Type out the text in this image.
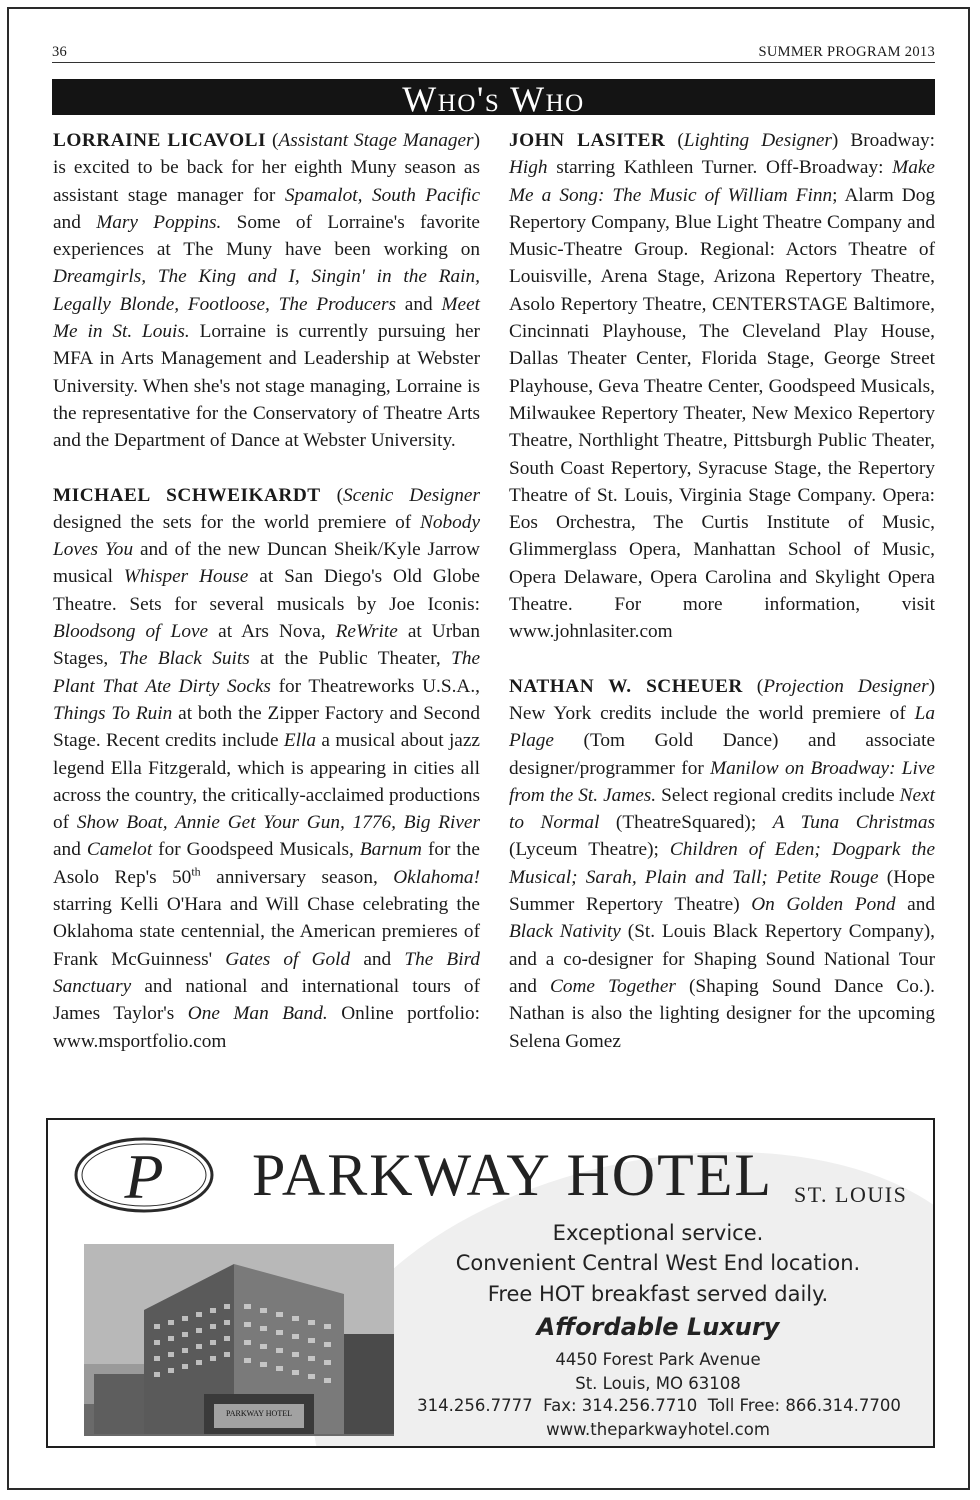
36	SUMMER PROGRAM 2013
Who's Who

LORRAINE LICAVOLI (Assistant Stage Manager) is excited to be back for her eighth Muny season as assistant stage manager for Spamalot, South Pacific and Mary Poppins. Some of Lorraine's favorite experiences at The Muny have been working on Dreamgirls, The King and I, Singin' in the Rain, Legally Blonde, Footloose, The Producers and Meet Me in St. Louis. Lorraine is currently pursuing her MFA in Arts Management and Leadership at Webster University. When she's not stage managing, Lorraine is the representative for the Conservatory of Theatre Arts and the Department of Dance at Webster University.

MICHAEL SCHWEIKARDT (Scenic Designer designed the sets for the world premiere of Nobody Loves You and of the new Duncan Sheik/Kyle Jarrow musical Whisper House at San Diego's Old Globe Theatre. Sets for several musicals by Joe Iconis: Bloodsong of Love at Ars Nova, ReWrite at Urban Stages, The Black Suits at the Public Theater, The Plant That Ate Dirty Socks for Theatreworks U.S.A., Things To Ruin at both the Zipper Factory and Second Stage. Recent credits include Ella a musical about jazz legend Ella Fitzgerald, which is appearing in cities all across the country, the critically-acclaimed productions of Show Boat, Annie Get Your Gun, 1776, Big River and Camelot for Goodspeed Musicals, Barnum for the Asolo Rep's 50th anniversary season, Oklahoma! starring Kelli O'Hara and Will Chase celebrating the Oklahoma state centennial, the American premieres of Frank McGuinness' Gates of Gold and The Bird Sanctuary and national and international tours of James Taylor's One Man Band. Online portfolio: www.msportfolio.com

JOHN LASITER (Lighting Designer) Broadway: High starring Kathleen Turner. Off-Broadway: Make Me a Song: The Music of William Finn; Alarm Dog Repertory Company, Blue Light Theatre Company and Music-Theatre Group. Regional: Actors Theatre of Louisville, Arena Stage, Arizona Repertory Theatre, Asolo Repertory Theatre, CENTERSTAGE Baltimore, Cincinnati Playhouse, The Cleveland Play House, Dallas Theater Center, Florida Stage, George Street Playhouse, Geva Theatre Center, Goodspeed Musicals, Milwaukee Repertory Theater, New Mexico Repertory Theatre, Northlight Theatre, Pittsburgh Public Theater, South Coast Repertory, Syracuse Stage, the Repertory Theatre of St. Louis, Virginia Stage Company. Opera: Eos Orchestra, The Curtis Institute of Music, Glimmerglass Opera, Manhattan School of Music, Opera Delaware, Opera Carolina and Skylight Opera Theatre. For more information, visit www.johnlasiter.com

NATHAN W. SCHEUER (Projection Designer) New York credits include the world premiere of La Plage (Tom Gold Dance) and associate designer/programmer for Manilow on Broadway: Live from the St. James. Select regional credits include Next to Normal (TheatreSquared); A Tuna Christmas (Lyceum Theatre); Children of Eden; Dogpark the Musical; Sarah, Plain and Tall; Petite Rouge (Hope Summer Repertory Theatre) On Golden Pond and Black Nativity (St. Louis Black Repertory Company), and a co-designer for Shaping Sound National Tour and Come Together (Shaping Sound Dance Co.). Nathan is also the lighting designer for the upcoming Selena Gomez

P PARKWAY HOTEL ST. LOUIS
PARKWAY HOTEL
Exceptional service.
Convenient Central West End location.
Free HOT breakfast served daily.
Affordable Luxury
4450 Forest Park Avenue
St. Louis, MO 63108
314.256.7777 Fax: 314.256.7710 Toll Free: 866.314.7700
www.theparkwayhotel.com
